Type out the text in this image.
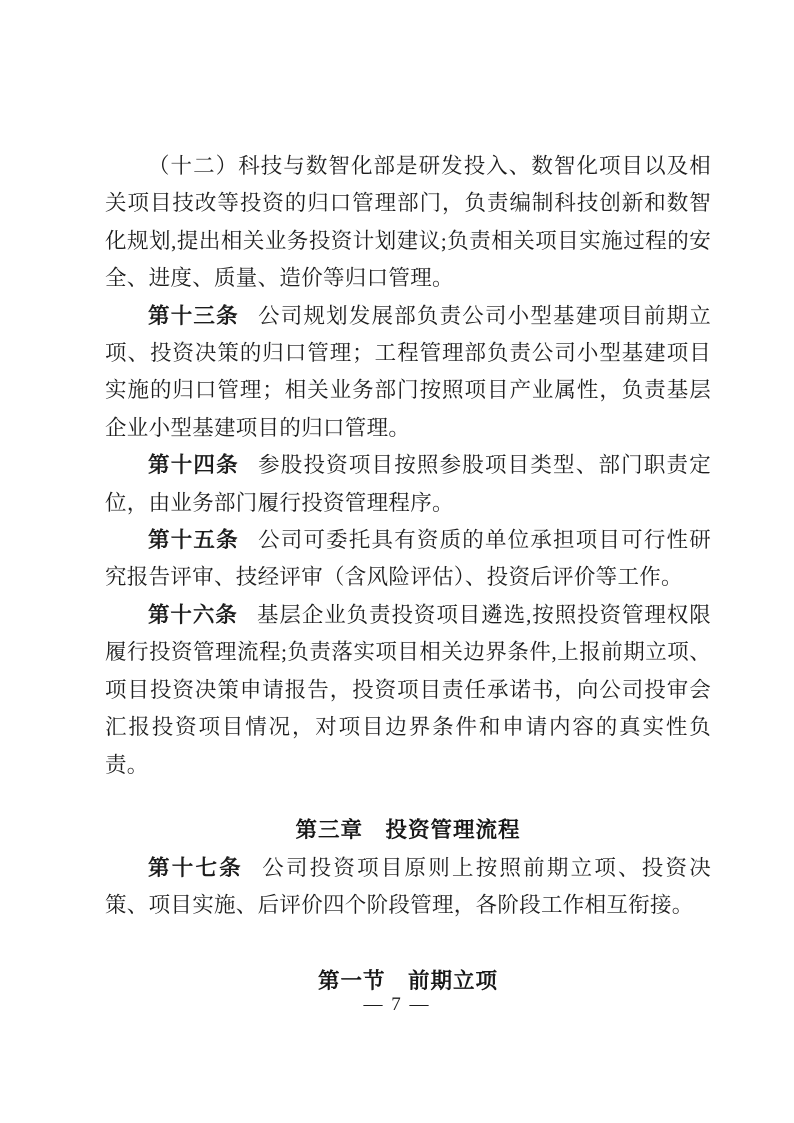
（十二）科技与数智化部是研发投入、数智化项目以及相关项目技改等投资的归口管理部门，负责编制科技创新和数智化规划,提出相关业务投资计划建议;负责相关项目实施过程的安全、进度、质量、造价等归口管理。

第十三条 公司规划发展部负责公司小型基建项目前期立项、投资决策的归口管理；工程管理部负责公司小型基建项目实施的归口管理；相关业务部门按照项目产业属性，负责基层企业小型基建项目的归口管理。

第十四条 参股投资项目按照参股项目类型、部门职责定位，由业务部门履行投资管理程序。

第十五条 公司可委托具有资质的单位承担项目可行性研究报告评审、技经评审（含风险评估）、投资后评价等工作。

第十六条 基层企业负责投资项目遴选,按照投资管理权限履行投资管理流程;负责落实项目相关边界条件,上报前期立项、项目投资决策申请报告，投资项目责任承诺书，向公司投审会汇报投资项目情况，对项目边界条件和申请内容的真实性负责。

第三章　投资管理流程

第十七条 公司投资项目原则上按照前期立项、投资决策、项目实施、后评价四个阶段管理，各阶段工作相互衔接。

第一节　前期立项
— 7 —
